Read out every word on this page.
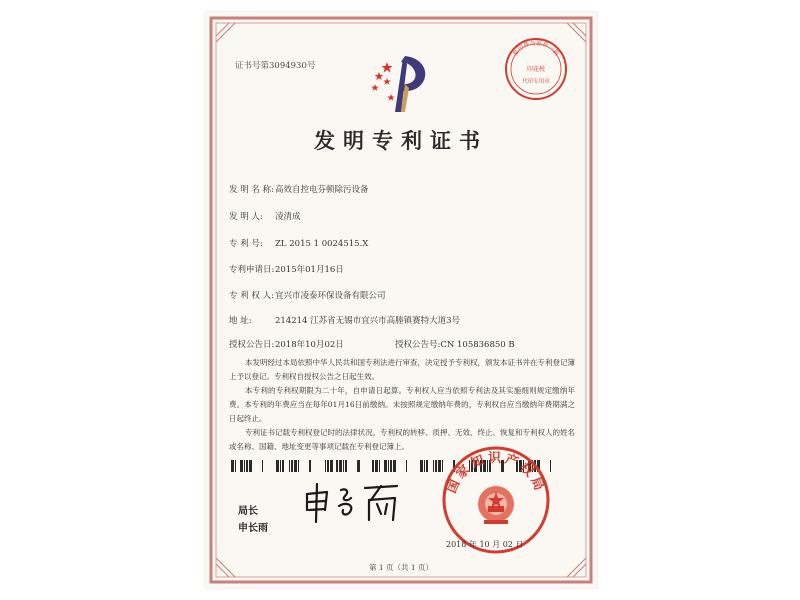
证书号第3094930号
复印件与原件一致
印花税
代印专用章
发明专利证书
发 明 名 称:高效自控电芬顿除污设备
发 明 人: 凌清成
专 利 号: ZL 2015 1 0024515.X
专利申请日:2015年01月16日
专 利 权 人:宜兴市凌泰环保设备有限公司
地 址:	214214 江苏省无锡市宜兴市高塍镇赛特大道3号
授权公告日:2018年10月02日	授权公告号:CN 105836850 B

本发明经过本局依照中华人民共和国专利法进行审查，决定授予专利权，颁发本证书并在专利登记簿上予以登记。专利权自授权公告之日起生效。

本专利的专利权期限为二十年，自申请日起算。专利权人应当依照专利法及其实施细则规定缴纳年费。本专利的年费应当在每年01月16日前缴纳。未按照规定缴纳年费的，专利权自应当缴纳年费期满之日起终止。

专利证书记载专利权登记时的法律状况。专利权的转移、质押、无效、终止、恢复和专利权人的姓名或名称、国籍、地址变更等事项记载在专利登记簿上。

局长
申长雨
国家知识产权局
2018 年 10 月 02 日
第 1 页（共 1 页）
